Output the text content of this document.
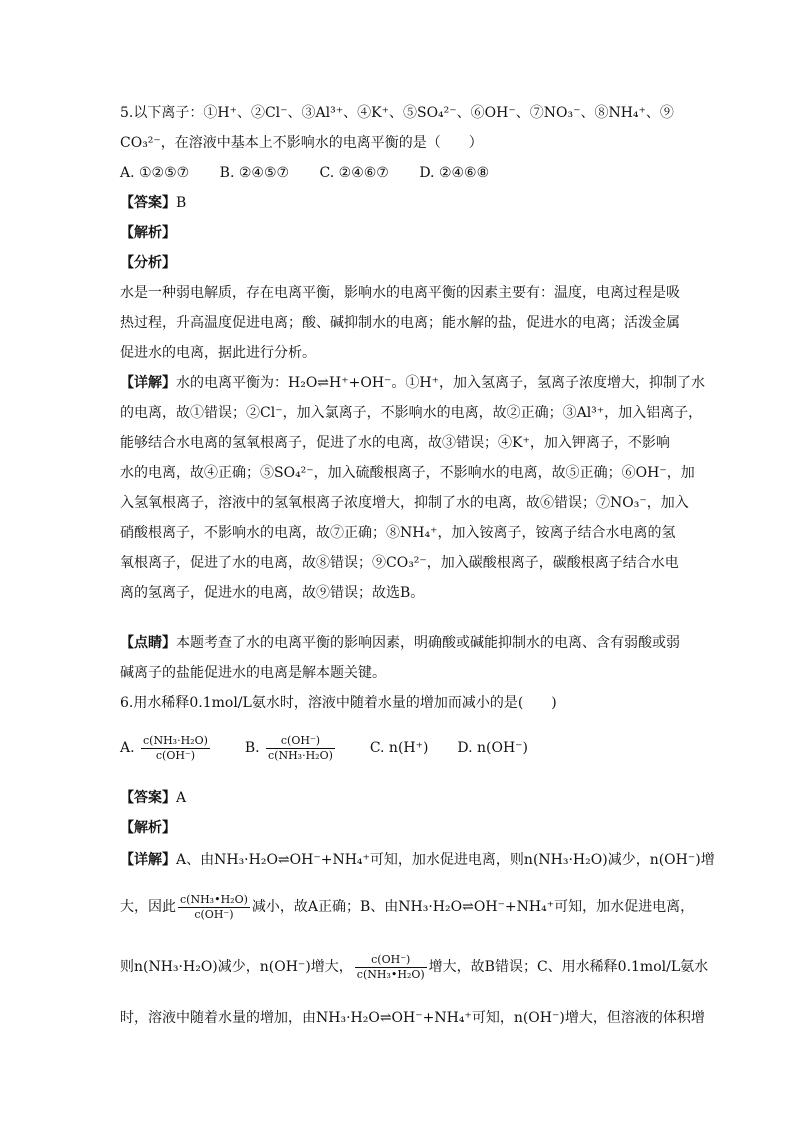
5.以下离子：①H⁺、②Cl⁻、③Al³⁺、④K⁺、⑤SO₄²⁻、⑥OH⁻、⑦NO₃⁻、⑧NH₄⁺、⑨
CO₃²⁻，在溶液中基本上不影响水的电离平衡的是（　　）
A. ①②⑤⑦ B. ②④⑤⑦ C. ②④⑥⑦ D. ②④⑥⑧
【答案】B
【解析】
【分析】
水是一种弱电解质，存在电离平衡，影响水的电离平衡的因素主要有：温度，电离过程是吸
热过程，升高温度促进电离；酸、碱抑制水的电离；能水解的盐，促进水的电离；活泼金属
促进水的电离，据此进行分析。
【详解】水的电离平衡为：H₂O⇌H⁺+OH⁻。①H⁺，加入氢离子，氢离子浓度增大，抑制了水
的电离，故①错误；②Cl⁻，加入氯离子，不影响水的电离，故②正确；③Al³⁺，加入铝离子，
能够结合水电离的氢氧根离子，促进了水的电离，故③错误；④K⁺，加入钾离子，不影响
水的电离，故④正确；⑤SO₄²⁻，加入硫酸根离子，不影响水的电离，故⑤正确；⑥OH⁻，加
入氢氧根离子，溶液中的氢氧根离子浓度增大，抑制了水的电离，故⑥错误；⑦NO₃⁻，加入
硝酸根离子，不影响水的电离，故⑦正确；⑧NH₄⁺，加入铵离子，铵离子结合水电离的氢
氧根离子，促进了水的电离，故⑧错误；⑨CO₃²⁻，加入碳酸根离子，碳酸根离子结合水电
离的氢离子，促进水的电离，故⑨错误；故选B。
【点睛】本题考查了水的电离平衡的影响因素，明确酸或碱能抑制水的电离、含有弱酸或弱
碱离子的盐能促进水的电离是解本题关键。
6.用水稀释0.1mol/L氨水时，溶液中随着水量的增加而减小的是(　　)
A. $\frac{\text{c(NH₃·H₂O)}}{c(OH^-)} B$. $\frac{c(OH^-)}{\text{c(NH₃·H₂O)}} C$. n(H⁺) D. n(OH⁻)
【答案】A
【解析】
【详解】A、由NH₃·H₂O⇌OH⁻+NH₄⁺可知，加水促进电离，则n(NH₃·H₂O)减少，n(OH⁻)增
大，因此 $\frac{\text{c(NH₃•H₂O)}}{c(OH^-)}$ 减小，故A正确；B、由NH₃·H₂O⇌OH⁻+NH₄⁺可知，加水促进电离，
则n(NH₃·H₂O)减少，n(OH⁻)增大， $\frac{c(OH^-)}{\text{c(NH₃•H₂O)}}$ 增大，故B错误；C、用水稀释0.1mol/L氨水
时，溶液中随着水量的增加，由NH₃·H₂O⇌OH⁻+NH₄⁺可知，n(OH⁻)增大，但溶液的体积增
